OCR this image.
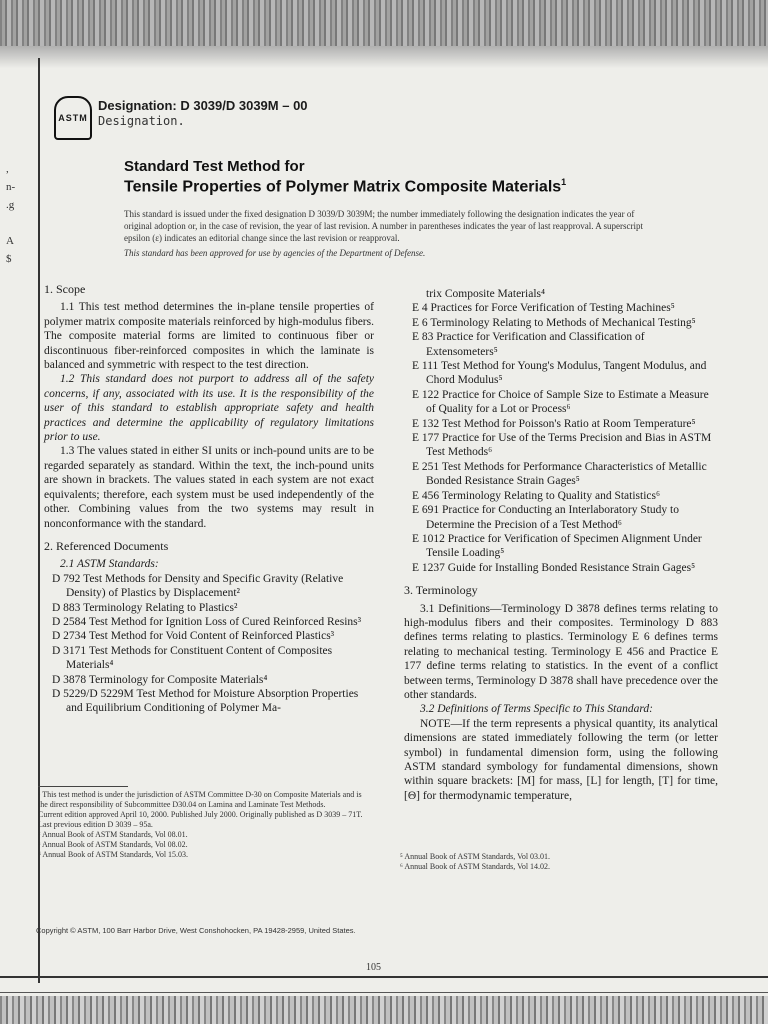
,
n-
.g

A
$
ASTM
Designation: D 3039/D 3039M – 00
Designation.
Standard Test Method for
Tensile Properties of Polymer Matrix Composite Materials$^1$
This standard is issued under the fixed designation D 3039/D 3039M; the number immediately following the designation indicates the year of original adoption or, in the case of revision, the year of last revision. A number in parentheses indicates the year of last reapproval. A superscript epsilon (ε) indicates an editorial change since the last revision or reapproval.
This standard has been approved for use by agencies of the Department of Defense.
1. Scope

1.1 This test method determines the in-plane tensile properties of polymer matrix composite materials reinforced by high-modulus fibers. The composite material forms are limited to continuous fiber or discontinuous fiber-reinforced composites in which the laminate is balanced and symmetric with respect to the test direction.

1.2 This standard does not purport to address all of the safety concerns, if any, associated with its use. It is the responsibility of the user of this standard to establish appropriate safety and health practices and determine the applicability of regulatory limitations prior to use.

1.3 The values stated in either SI units or inch-pound units are to be regarded separately as standard. Within the text, the inch-pound units are shown in brackets. The values stated in each system are not exact equivalents; therefore, each system must be used independently of the other. Combining values from the two systems may result in nonconformance with the standard.

2. Referenced Documents

2.1 ASTM Standards:

D 792 Test Methods for Density and Specific Gravity (Relative Density) of Plastics by Displacement²
D 883 Terminology Relating to Plastics²
D 2584 Test Method for Ignition Loss of Cured Reinforced Resins³
D 2734 Test Method for Void Content of Reinforced Plastics³
D 3171 Test Methods for Constituent Content of Composites Materials⁴
D 3878 Terminology for Composite Materials⁴
D 5229/D 5229M Test Method for Moisture Absorption Properties and Equilibrium Conditioning of Polymer Ma-

trix Composite Materials⁴

E 4 Practices for Force Verification of Testing Machines⁵
E 6 Terminology Relating to Methods of Mechanical Testing⁵
E 83 Practice for Verification and Classification of Extensometers⁵
E 111 Test Method for Young's Modulus, Tangent Modulus, and Chord Modulus⁵
E 122 Practice for Choice of Sample Size to Estimate a Measure of Quality for a Lot or Process⁶
E 132 Test Method for Poisson's Ratio at Room Temperature⁵
E 177 Practice for Use of the Terms Precision and Bias in ASTM Test Methods⁶
E 251 Test Methods for Performance Characteristics of Metallic Bonded Resistance Strain Gages⁵
E 456 Terminology Relating to Quality and Statistics⁶
E 691 Practice for Conducting an Interlaboratory Study to Determine the Precision of a Test Method⁶
E 1012 Practice for Verification of Specimen Alignment Under Tensile Loading⁵
E 1237 Guide for Installing Bonded Resistance Strain Gages⁵
3. Terminology

3.1 Definitions—Terminology D 3878 defines terms relating to high-modulus fibers and their composites. Terminology D 883 defines terms relating to plastics. Terminology E 6 defines terms relating to mechanical testing. Terminology E 456 and Practice E 177 define terms relating to statistics. In the event of a conflict between terms, Terminology D 3878 shall have precedence over the other standards.

3.2 Definitions of Terms Specific to This Standard:

NOTE—If the term represents a physical quantity, its analytical dimensions are stated immediately following the term (or letter symbol) in fundamental dimension form, using the following ASTM standard symbology for fundamental dimensions, shown within square brackets: [M] for mass, [L] for length, [T] for time, [Θ] for thermodynamic temperature,

¹ This test method is under the jurisdiction of ASTM Committee D-30 on Composite Materials and is the direct responsibility of Subcommittee D30.04 on Lamina and Laminate Test Methods.
Current edition approved April 10, 2000. Published July 2000. Originally published as D 3039 – 71T. Last previous edition D 3039 – 95a.
² Annual Book of ASTM Standards, Vol 08.01.
³ Annual Book of ASTM Standards, Vol 08.02.
⁴ Annual Book of ASTM Standards, Vol 15.03.	⁵ Annual Book of ASTM Standards, Vol 03.01.
⁶ Annual Book of ASTM Standards, Vol 14.02.
Copyright © ASTM, 100 Barr Harbor Drive, West Conshohocken, PA 19428-2959, United States.
105
